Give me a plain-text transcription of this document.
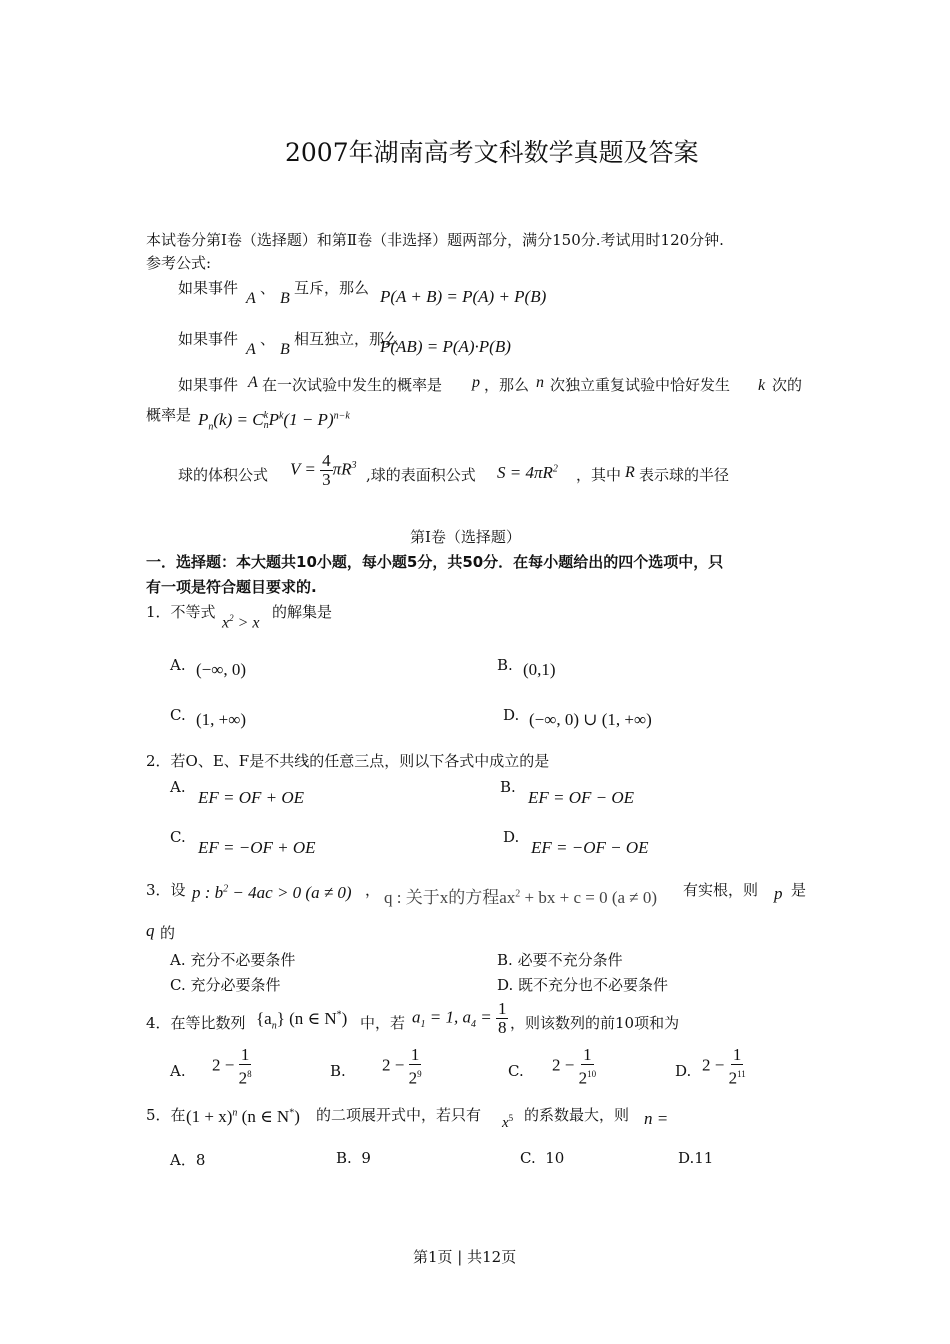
2007年湖南高考文科数学真题及答案
本试卷分第Ⅰ卷（选择题）和第Ⅱ卷（非选择）题两部分，满分150分.考试用时120分钟.
参考公式:
如果事件
A
、
B
互斥，那么 P(A + B) = P(A) + P(B)
如果事件
A
、
B
相互独立，那么
P(AB) = P(A)·P(B)
如果事件 A 在一次试验中发生的概率是 p ，那么 n 次独立重复试验中恰好发生 k 次的
概率是 $P_n(k) = C$ k
n $P^k(1 - P)^{n-k}$
球的体积公式 $V = \frac{4}{3} \pi R^3$
,球的表面积公式 $S = 4\pi R^2$ ，其中 R 表示球的半径
第Ⅰ卷（选择题）
一．选择题：本大题共10小题，每小题5分，共50分．在每小题给出的四个选项中，只
有一项是符合题目要求的.
1．不等式
$x^2 > x$
的解集是
A. (−∞, 0)	B. (0,1)
C. (1, +∞)	D. (−∞, 0) ∪ (1, +∞)
2．若O、E、F是不共线的任意三点，则以下各式中成立的是
A.
EF = OF + OE
B.
EF = OF − OE
C.
EF = −OF + OE
D.
EF = −OF − OE
3．设 p : $b^2 - 4ac > 0$ (a ≠ 0) ， q : 关于x的方程$ax^2$ + bx + c = 0 (a ≠ 0) 有实根，则 p 是
q 的
A. 充分不必要条件	B. 必要不充分条件
C. 充分必要条件	D. 既不充分也不必要条件
4．在等比数列 $\{a_n\}$ (n ∈ N*) 中，若 $a_1 = 1$, $a_4 = \frac{1}{8}$ ，则该数列的前10项和为
A. $2 - \frac{1}{2^8}$	B. $2 - \frac{1}{2^9}$	C. $2 - \frac{1}{2^{10}}$	D. $2 - \frac{1}{2^{11}}$
5．在 $(1 + x)^n$ (n ∈ N*) 的二项展开式中，若只有 $x^5$ 的系数最大，则 n =
A．8	B. 9	C. 10	D.11
第1页 | 共12页
